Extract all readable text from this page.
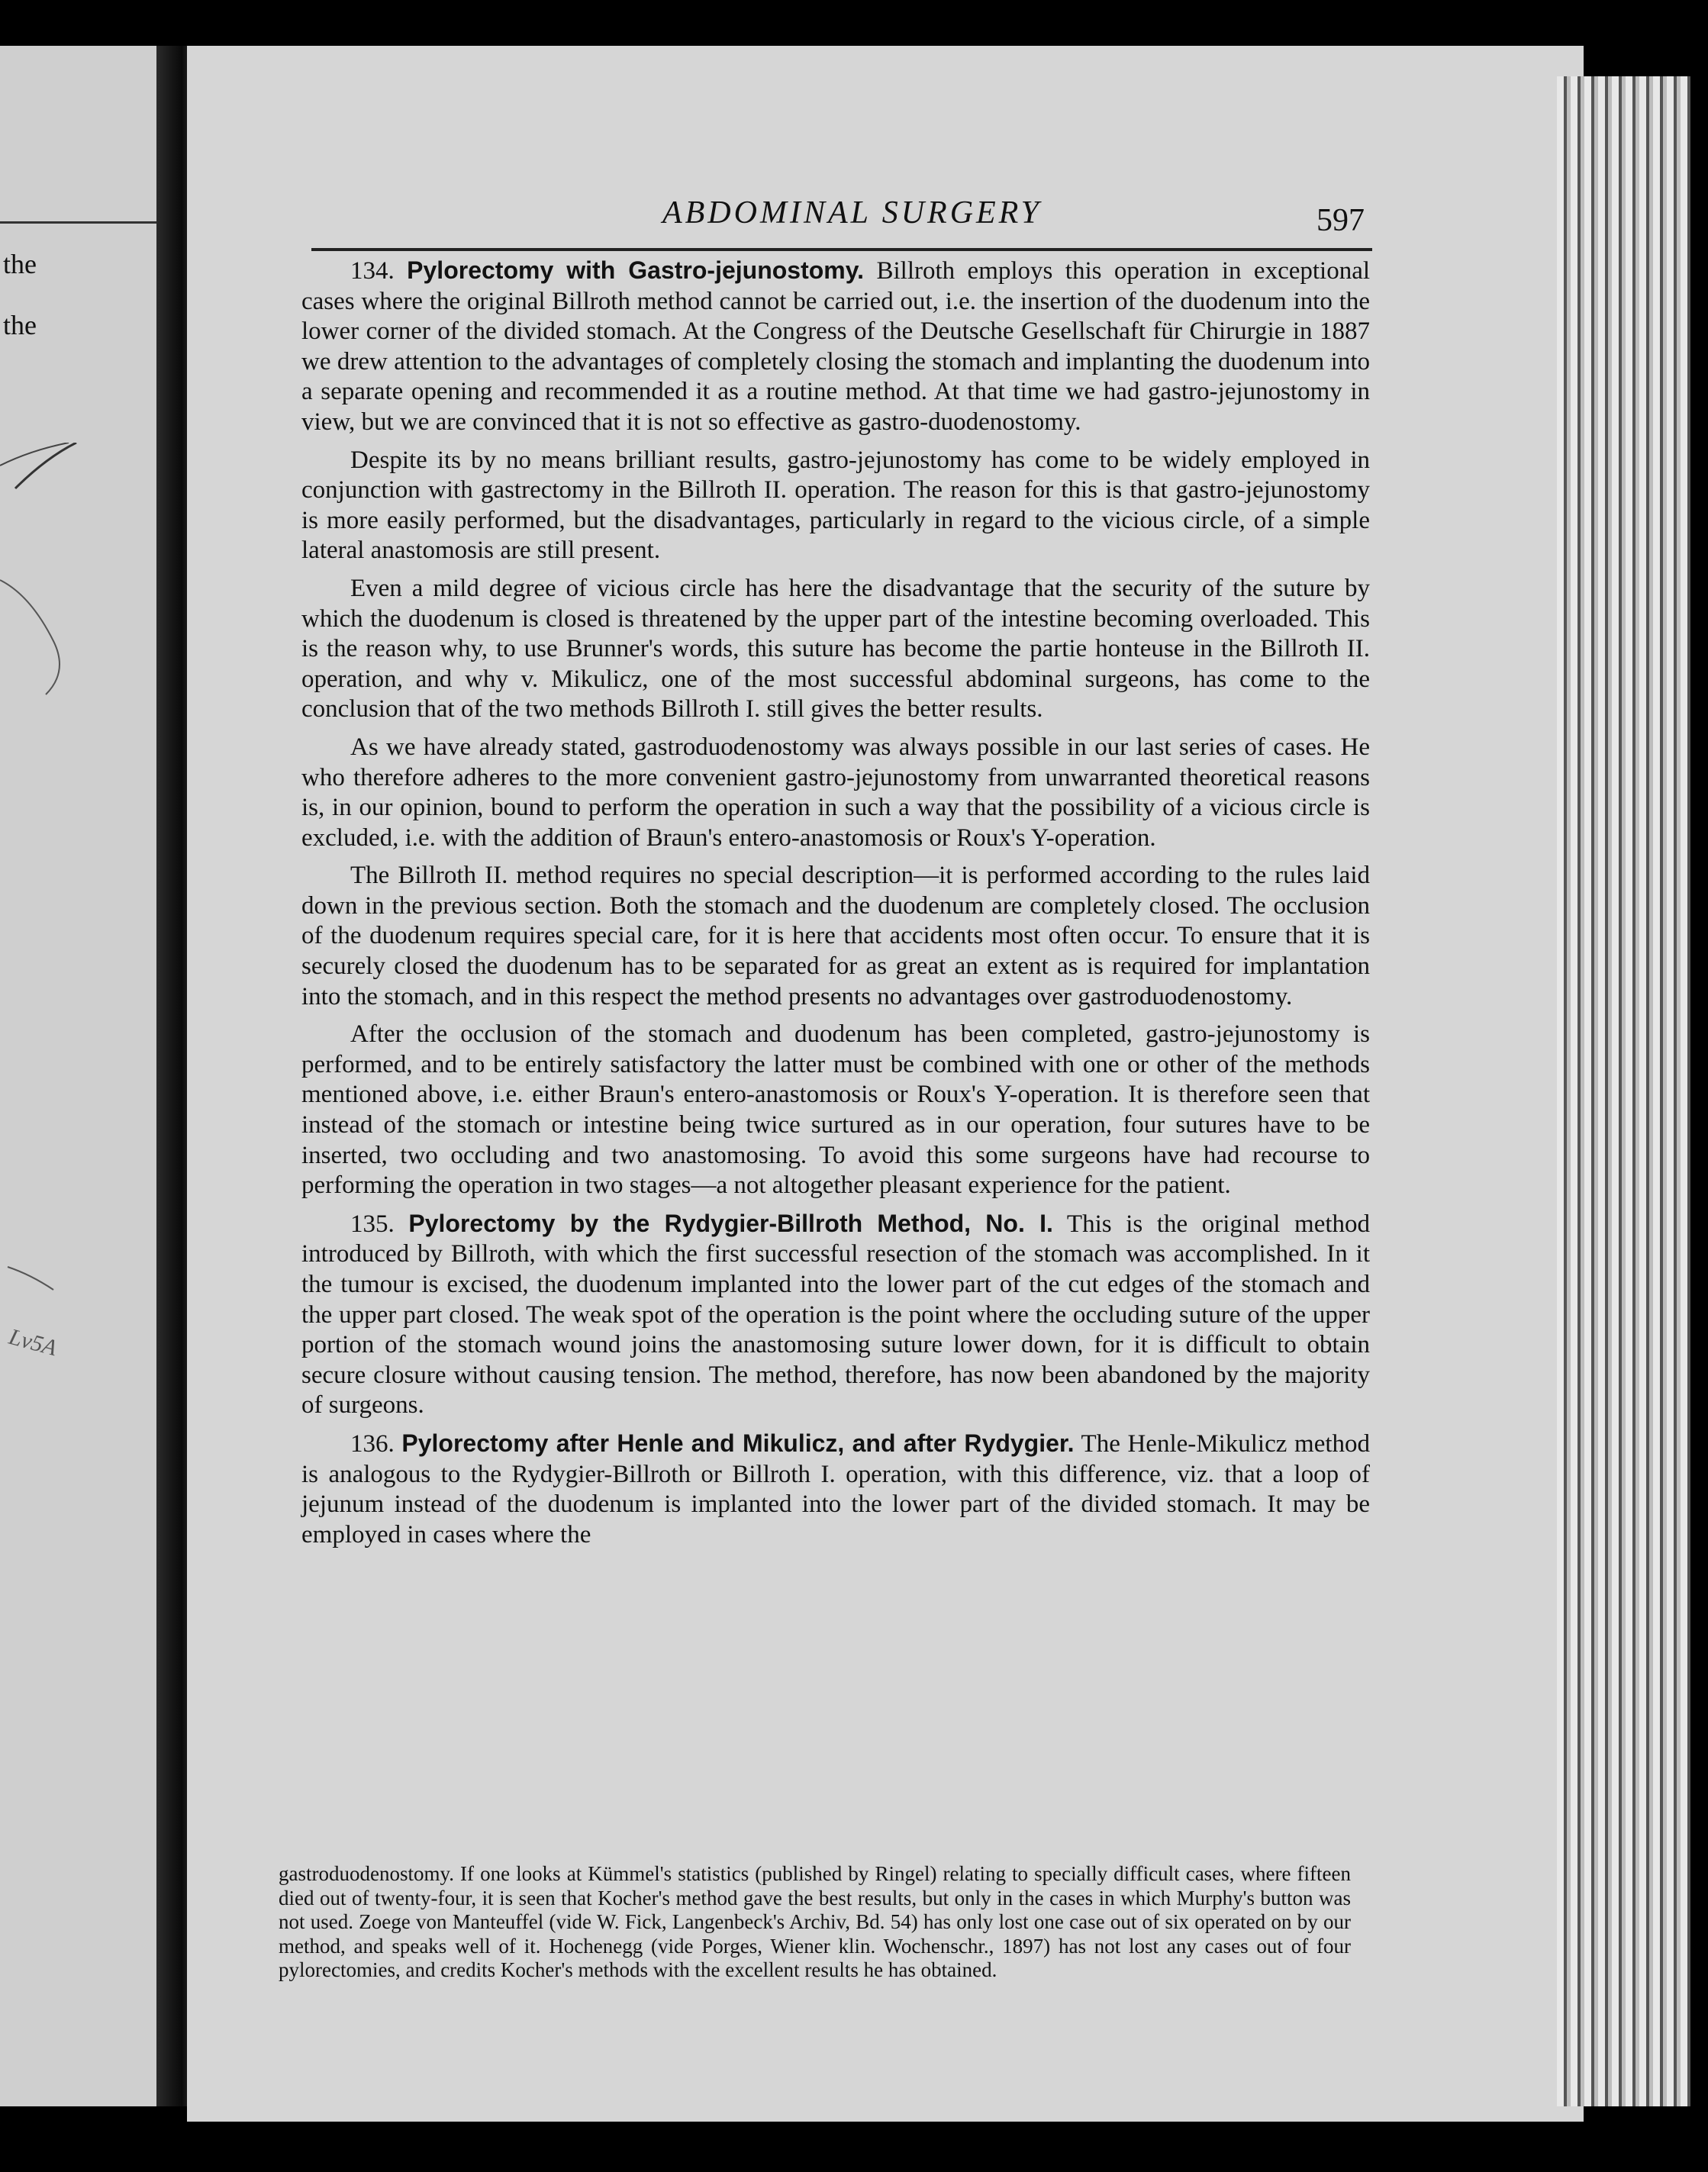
the
the
Lv5A
ABDOMINAL SURGERY	597

134. Pylorectomy with Gastro-jejunostomy. Billroth employs this operation in exceptional cases where the original Billroth method cannot be carried out, i.e. the insertion of the duodenum into the lower corner of the divided stomach. At the Congress of the Deutsche Gesellschaft für Chirurgie in 1887 we drew attention to the advantages of completely closing the stomach and implanting the duodenum into a separate opening and recommended it as a routine method. At that time we had gastro-jejunostomy in view, but we are convinced that it is not so effective as gastro-duodenostomy.

Despite its by no means brilliant results, gastro-jejunostomy has come to be widely employed in conjunction with gastrectomy in the Billroth II. operation. The reason for this is that gastro-jejunostomy is more easily performed, but the disadvantages, particularly in regard to the vicious circle, of a simple lateral anastomosis are still present.

Even a mild degree of vicious circle has here the disadvantage that the security of the suture by which the duodenum is closed is threatened by the upper part of the intestine becoming overloaded. This is the reason why, to use Brunner's words, this suture has become the partie honteuse in the Billroth II. operation, and why v. Mikulicz, one of the most successful abdominal surgeons, has come to the conclusion that of the two methods Billroth I. still gives the better results.

As we have already stated, gastroduodenostomy was always possible in our last series of cases. He who therefore adheres to the more convenient gastro-jejunostomy from unwarranted theoretical reasons is, in our opinion, bound to perform the operation in such a way that the possibility of a vicious circle is excluded, i.e. with the addition of Braun's entero-anastomosis or Roux's Y-operation.

The Billroth II. method requires no special description—it is performed according to the rules laid down in the previous section. Both the stomach and the duodenum are completely closed. The occlusion of the duodenum requires special care, for it is here that accidents most often occur. To ensure that it is securely closed the duodenum has to be separated for as great an extent as is required for implantation into the stomach, and in this respect the method presents no advantages over gastroduodenostomy.

After the occlusion of the stomach and duodenum has been completed, gastro-jejunostomy is performed, and to be entirely satisfactory the latter must be combined with one or other of the methods mentioned above, i.e. either Braun's entero-anastomosis or Roux's Y-operation. It is therefore seen that instead of the stomach or intestine being twice surtured as in our operation, four sutures have to be inserted, two occluding and two anastomosing. To avoid this some surgeons have had recourse to performing the operation in two stages—a not altogether pleasant experience for the patient.

135. Pylorectomy by the Rydygier-Billroth Method, No. I. This is the original method introduced by Billroth, with which the first successful resection of the stomach was accomplished. In it the tumour is excised, the duodenum implanted into the lower part of the cut edges of the stomach and the upper part closed. The weak spot of the operation is the point where the occluding suture of the upper portion of the stomach wound joins the anastomosing suture lower down, for it is difficult to obtain secure closure without causing tension. The method, therefore, has now been abandoned by the majority of surgeons.

136. Pylorectomy after Henle and Mikulicz, and after Rydygier. The Henle-Mikulicz method is analogous to the Rydygier-Billroth or Billroth I. operation, with this difference, viz. that a loop of jejunum instead of the duodenum is implanted into the lower part of the divided stomach. It may be employed in cases where the

gastroduodenostomy. If one looks at Kümmel's statistics (published by Ringel) relating to specially difficult cases, where fifteen died out of twenty-four, it is seen that Kocher's method gave the best results, but only in the cases in which Murphy's button was not used. Zoege von Manteuffel (vide W. Fick, Langenbeck's Archiv, Bd. 54) has only lost one case out of six operated on by our method, and speaks well of it. Hochenegg (vide Porges, Wiener klin. Wochenschr., 1897) has not lost any cases out of four pylorectomies, and credits Kocher's methods with the excellent results he has obtained.
